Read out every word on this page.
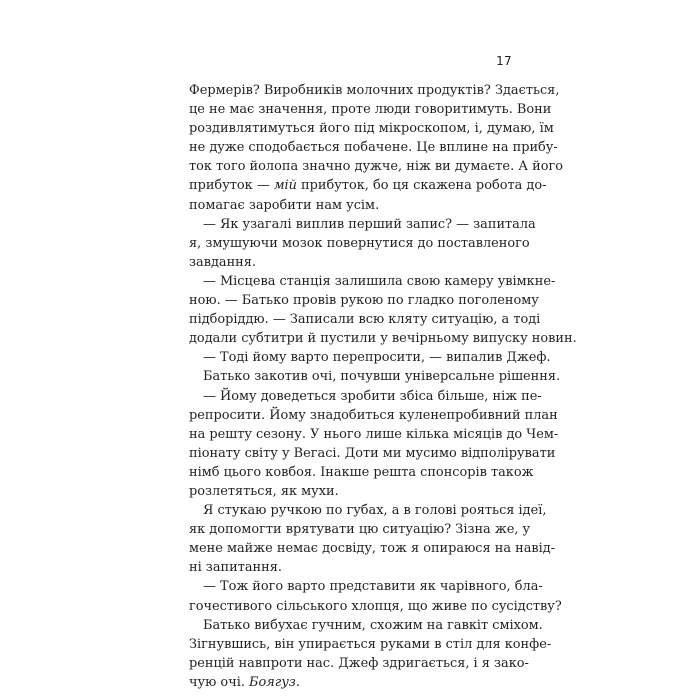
17
Фермерів? Виробників молочних продуктів? Здається,
це не має значення, проте люди говоритимуть. Вони
роздивлятимуться його під мікроскопом, і, думаю, їм
не дуже сподобається побачене. Це вплине на прибу-
ток того йолопа значно дужче, ніж ви думаєте. А його
прибуток — мій прибуток, бо ця скажена робота до-
помагає заробити нам усім.
— Як узагалі виплив перший запис? — запитала
я, змушуючи мозок повернутися до поставленого
завдання.
— Місцева станція залишила свою камеру увімкне-
ною. — Батько провів рукою по гладко поголеному
підборіддю. — Записали всю кляту ситуацію, а тоді
додали субтитри й пустили у вечірньому випуску новин.
— Тоді йому варто перепросити, — випалив Джеф.
Батько закотив очі, почувши універсальне рішення.
— Йому доведеться зробити збіса більше, ніж пе-
репросити. Йому знадобиться куленепробивний план
на решту сезону. У нього лише кілька місяців до Чем-
піонату світу у Вегасі. Доти ми мусимо відполірувати
німб цього ковбоя. Інакше решта спонсорів також
розлетяться, як мухи.
Я стукаю ручкою по губах, а в голові рояться ідеї,
як допомогти врятувати цю ситуацію? Зізна же, у
мене майже немає досвіду, тож я опираюся на навід-
ні запитання.
— Тож його варто представити як чарівного, бла-
гочестивого сільського хлопця, що живе по сусідству?
Батько вибухає гучним, схожим на гавкіт сміхом.
Зігнувшись, він упирається руками в стіл для конфе-
ренцій навпроти нас. Джеф здригається, і я зако-
чую очі. Боягуз.
